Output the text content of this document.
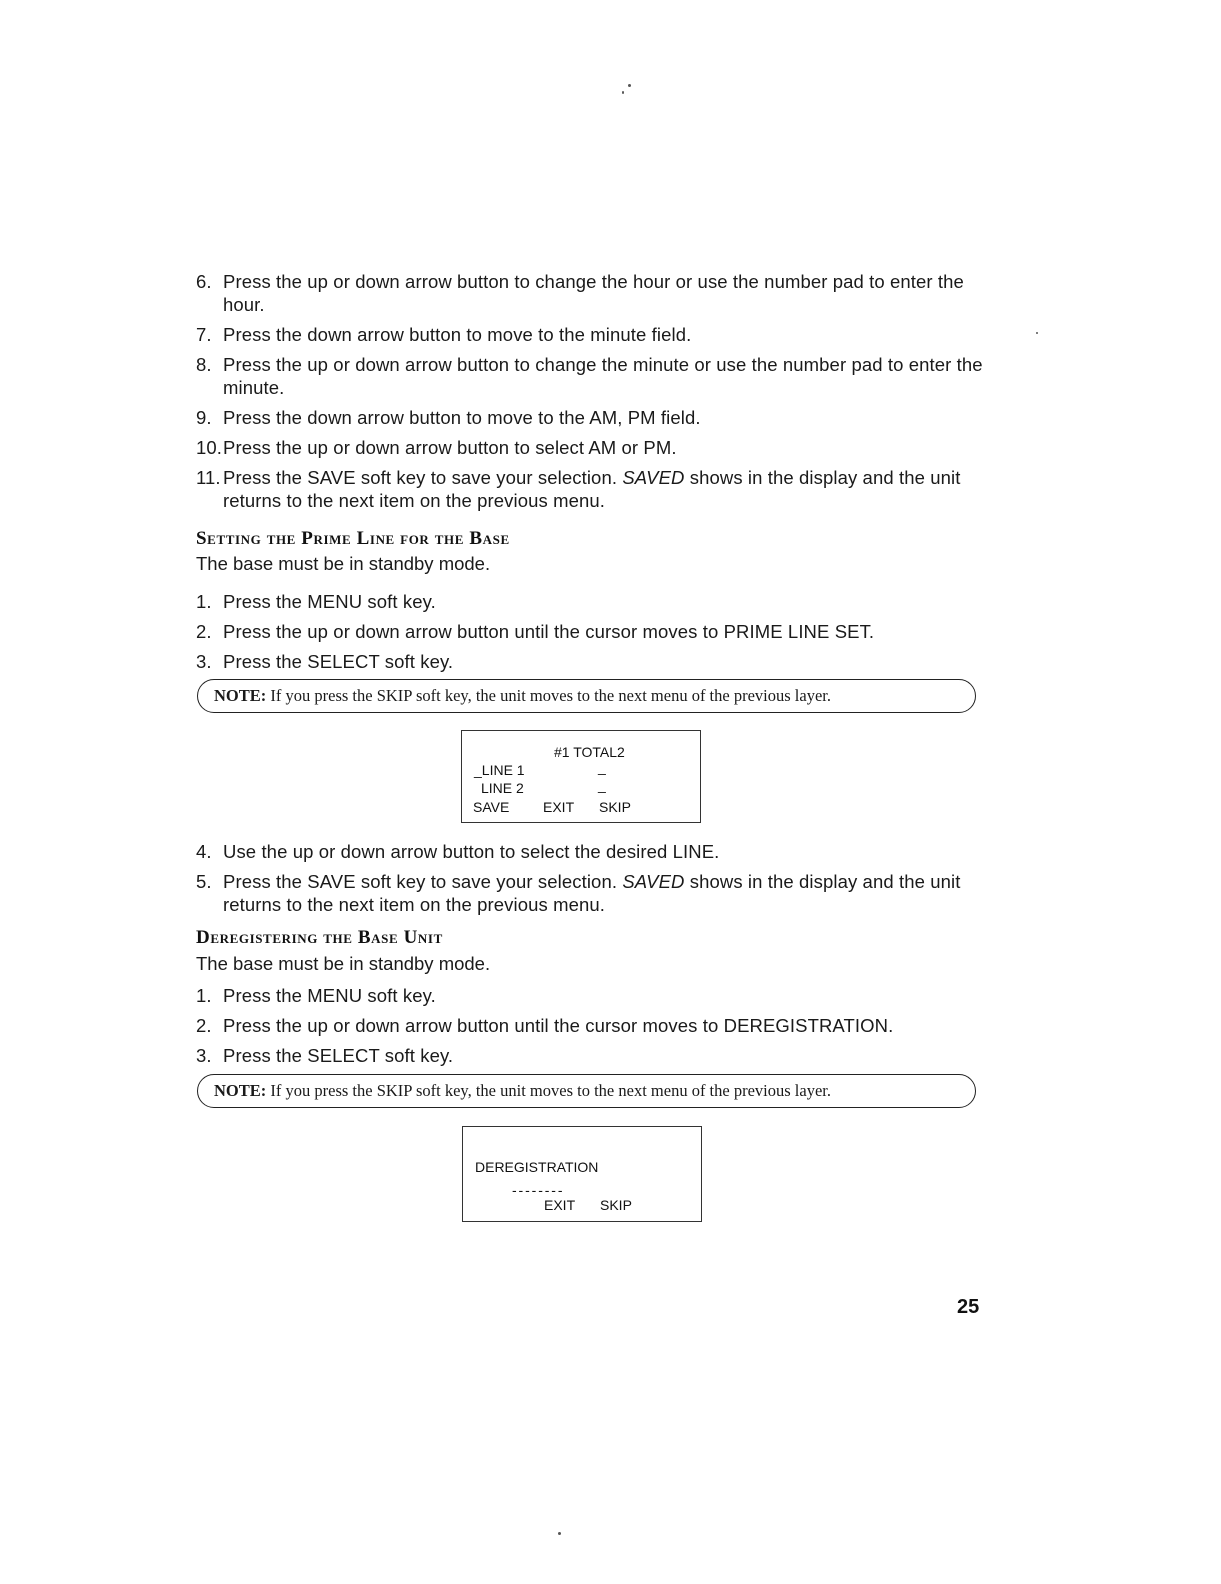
6. Press the up or down arrow button to change the hour or use the number pad to enter the hour.
7. Press the down arrow button to move to the minute field.
8. Press the up or down arrow button to change the minute or use the number pad to enter the minute.
9. Press the down arrow button to move to the AM, PM field.
10. Press the up or down arrow button to select AM or PM.
11. Press the SAVE soft key to save your selection. SAVED shows in the display and the unit returns to the next item on the previous menu.
Setting the Prime Line for the Base
The base must be in standby mode.
1. Press the MENU soft key.
2. Press the up or down arrow button until the cursor moves to PRIME LINE SET.
3. Press the SELECT soft key.
NOTE: If you press the SKIP soft key, the unit moves to the next menu of the previous layer.
#1 TOTAL2
_LINE 1	_
LINE 2	_
SAVE EXIT SKIP
4. Use the up or down arrow button to select the desired LINE.
5. Press the SAVE soft key to save your selection. SAVED shows in the display and the unit returns to the next item on the previous menu.
Deregistering the Base Unit
The base must be in standby mode.
1. Press the MENU soft key.
2. Press the up or down arrow button until the cursor moves to DEREGISTRATION.
3. Press the SELECT soft key.
NOTE: If you press the SKIP soft key, the unit moves to the next menu of the previous layer.
DEREGISTRATION
- - - - - - - -
EXIT SKIP
25
